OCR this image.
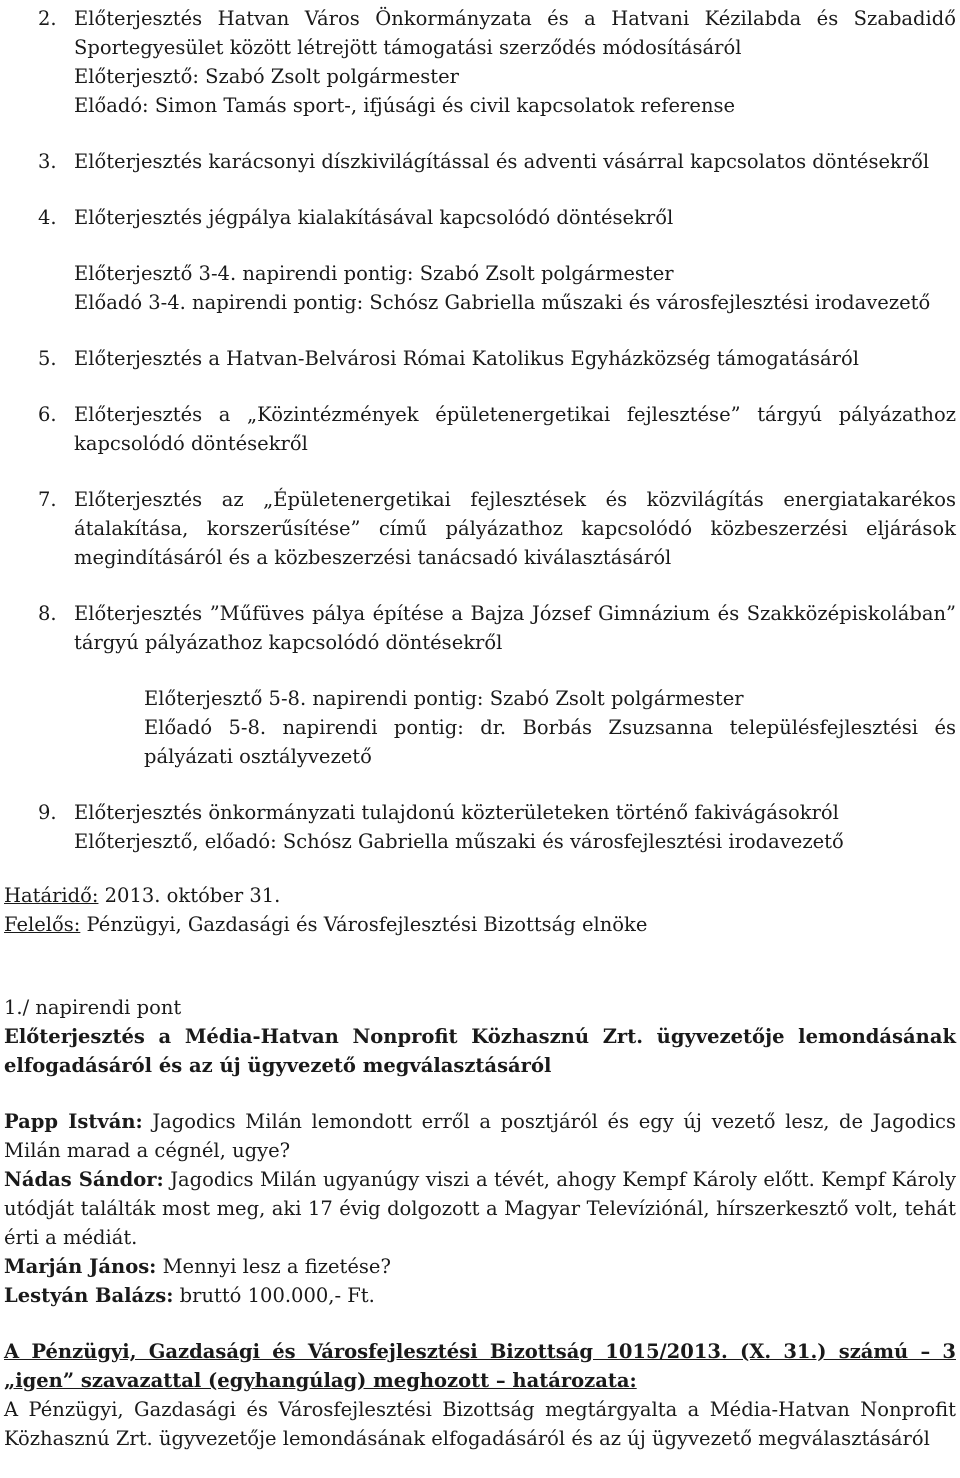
2. Előterjesztés Hatvan Város Önkormányzata és a Hatvani Kézilabda és Szabadidő Sportegyesület között létrejött támogatási szerződés módosításáról
Előterjesztő: Szabó Zsolt polgármester
Előadó: Simon Tamás sport-, ifjúsági és civil kapcsolatok referense
3. Előterjesztés karácsonyi díszkivilágítással és adventi vásárral kapcsolatos döntésekről
4. Előterjesztés jégpálya kialakításával kapcsolódó döntésekről
Előterjesztő 3-4. napirendi pontig: Szabó Zsolt polgármester
Előadó 3-4. napirendi pontig: Schósz Gabriella műszaki és városfejlesztési irodavezető
5. Előterjesztés a Hatvan-Belvárosi Római Katolikus Egyházközség támogatásáról
6. Előterjesztés a „Közintézmények épületenergetikai fejlesztése” tárgyú pályázathoz kapcsolódó döntésekről
7. Előterjesztés az „Épületenergetikai fejlesztések és közvilágítás energiatakarékos átalakítása, korszerűsítése” című pályázathoz kapcsolódó közbeszerzési eljárások megindításáról és a közbeszerzési tanácsadó kiválasztásáról
8. Előterjesztés ”Műfüves pálya építése a Bajza József Gimnázium és Szakközépiskolában” tárgyú pályázathoz kapcsolódó döntésekről
Előterjesztő 5-8. napirendi pontig: Szabó Zsolt polgármester
Előadó 5-8. napirendi pontig: dr. Borbás Zsuzsanna településfejlesztési és pályázati osztályvezető
9. Előterjesztés önkormányzati tulajdonú közterületeken történő fakivágásokról
Előterjesztő, előadó: Schósz Gabriella műszaki és városfejlesztési irodavezető
Határidő: 2013. október 31.
Felelős: Pénzügyi, Gazdasági és Városfejlesztési Bizottság elnöke
1./ napirendi pont
Előterjesztés a Média-Hatvan Nonprofit Közhasznú Zrt. ügyvezetője lemondásának elfogadásáról és az új ügyvezető megválasztásáról
Papp István: Jagodics Milán lemondott erről a posztjáról és egy új vezető lesz, de Jagodics Milán marad a cégnél, ugye?
Nádas Sándor: Jagodics Milán ugyanúgy viszi a tévét, ahogy Kempf Károly előtt. Kempf Károly utódját találták most meg, aki 17 évig dolgozott a Magyar Televíziónál, hírszerkesztő volt, tehát érti a médiát.
Marján János: Mennyi lesz a fizetése?
Lestyán Balázs: bruttó 100.000,- Ft.
A Pénzügyi, Gazdasági és Városfejlesztési Bizottság 1015/2013. (X. 31.) számú – 3 „igen” szavazattal (egyhangúlag) meghozott – határozata:
A Pénzügyi, Gazdasági és Városfejlesztési Bizottság megtárgyalta a Média-Hatvan Nonprofit Közhasznú Zrt. ügyvezetője lemondásának elfogadásáról és az új ügyvezető megválasztásáról
